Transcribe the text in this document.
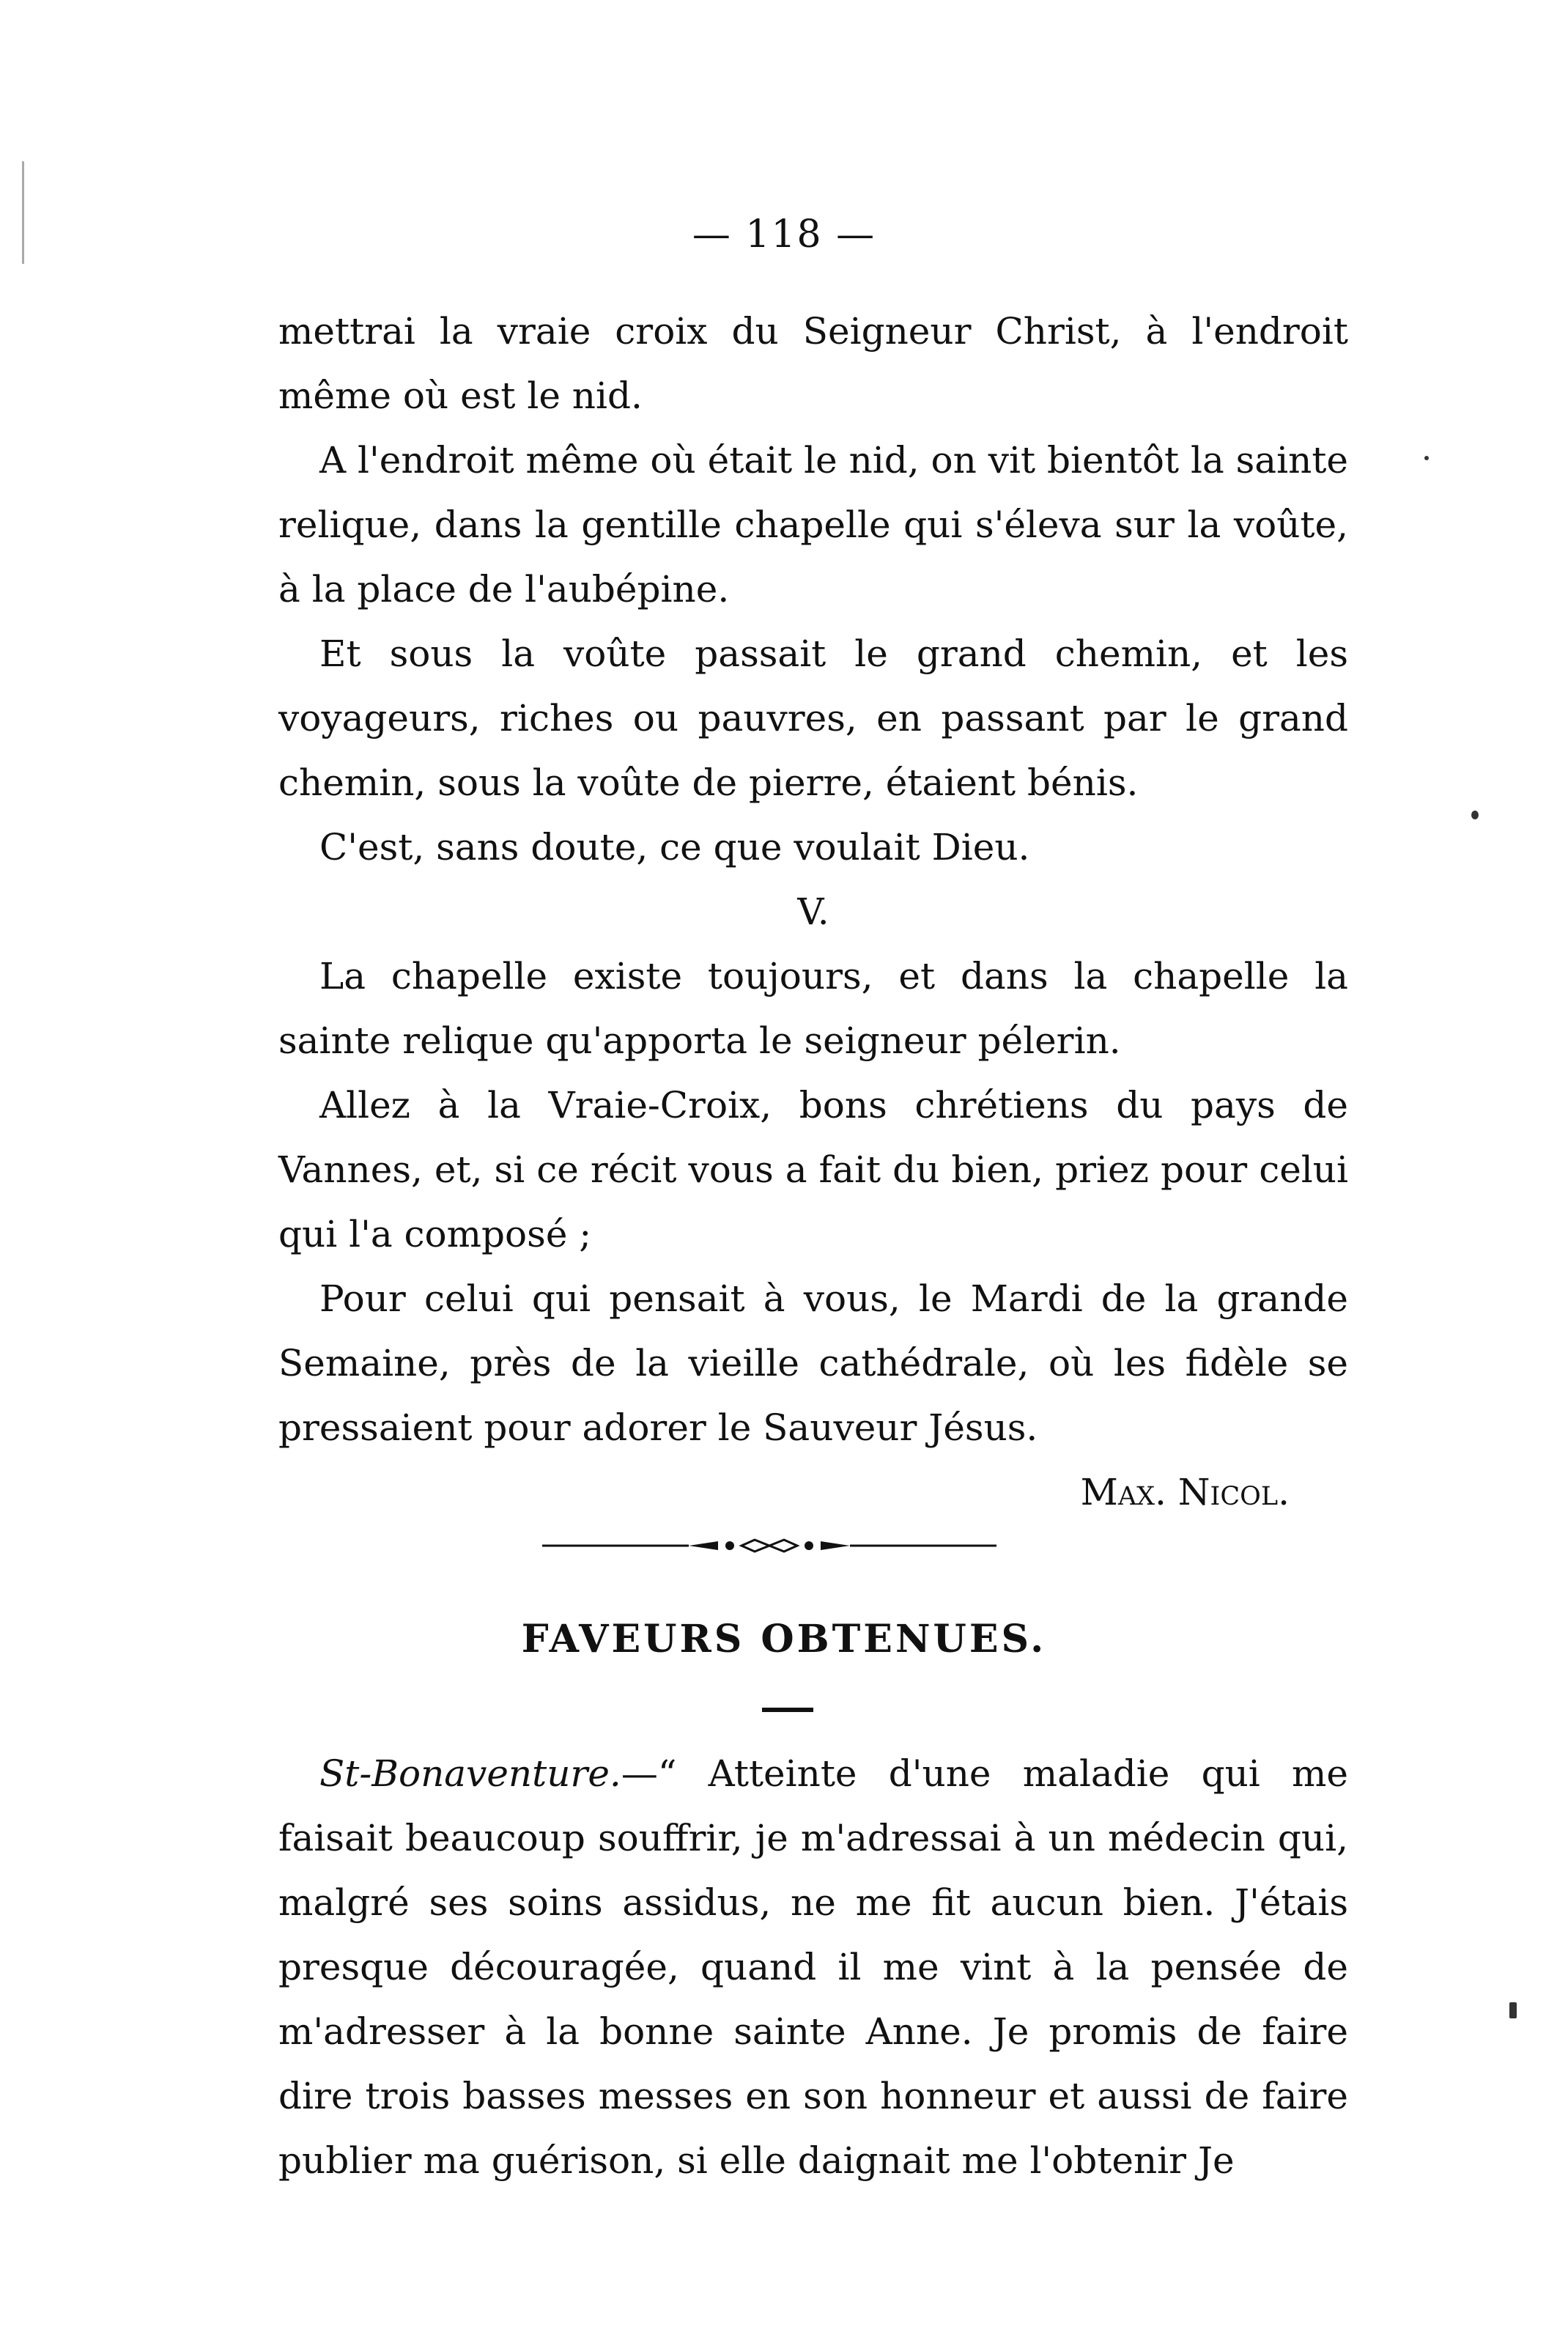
— 118 —

mettrai la vraie croix du Seigneur Christ, à l'endroit même où est le nid.

A l'endroit même où était le nid, on vit bientôt la sainte relique, dans la gentille chapelle qui s'éleva sur la voûte, à la place de l'aubépine.

Et sous la voûte passait le grand chemin, et les voyageurs, riches ou pauvres, en passant par le grand chemin, sous la voûte de pierre, étaient bénis.

C'est, sans doute, ce que voulait Dieu.

V.

La chapelle existe toujours, et dans la chapelle la sainte relique qu'apporta le seigneur pélerin.

Allez à la Vraie-Croix, bons chrétiens du pays de Vannes, et, si ce récit vous a fait du bien, priez pour celui qui l'a composé ;

Pour celui qui pensait à vous, le Mardi de la grande Semaine, près de la vieille cathédrale, où les fidèle se pressaient pour adorer le Sauveur Jésus.

Max. Nicol.

FAVEURS OBTENUES.

St-Bonaventure.—“ Atteinte d'une maladie qui me faisait beaucoup souffrir, je m'adressai à un médecin qui, malgré ses soins assidus, ne me fit aucun bien. J'étais presque découragée, quand il me vint à la pensée de m'adresser à la bonne sainte Anne. Je promis de faire dire trois basses messes en son honneur et aussi de faire publier ma guérison, si elle daignait me l'obtenir Je
